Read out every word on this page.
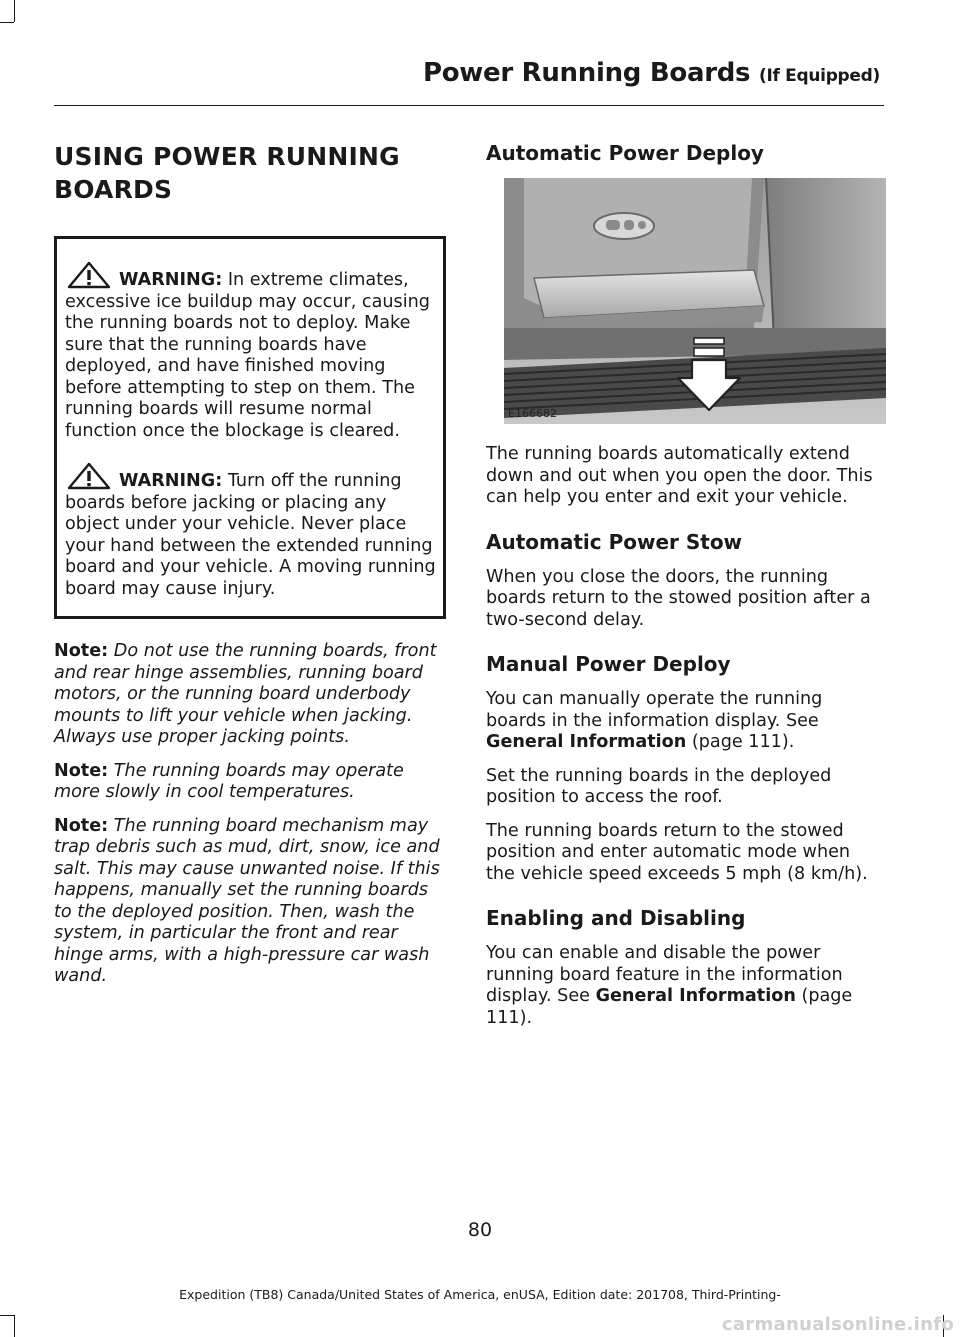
Power Running Boards (If Equipped)
USING POWER RUNNING BOARDS

WARNING: In extreme climates, excessive ice buildup may occur, causing the running boards not to deploy. Make sure that the running boards have deployed, and have finished moving before attempting to step on them. The running boards will resume normal function once the blockage is cleared.

WARNING: Turn off the running boards before jacking or placing any object under your vehicle. Never place your hand between the extended running board and your vehicle. A moving running board may cause injury.

Note: Do not use the running boards, front and rear hinge assemblies, running board motors, or the running board underbody mounts to lift your vehicle when jacking. Always use proper jacking points.

Note: The running boards may operate more slowly in cool temperatures.

Note: The running board mechanism may trap debris such as mud, dirt, snow, ice and salt. This may cause unwanted noise. If this happens, manually set the running boards to the deployed position. Then, wash the system, in particular the front and rear hinge arms, with a high-pressure car wash wand.

Automatic Power Deploy
E166682

The running boards automatically extend down and out when you open the door. This can help you enter and exit your vehicle.

Automatic Power Stow

When you close the doors, the running boards return to the stowed position after a two-second delay.

Manual Power Deploy

You can manually operate the running boards in the information display. See General Information (page 111).

Set the running boards in the deployed position to access the roof.

The running boards return to the stowed position and enter automatic mode when the vehicle speed exceeds 5 mph (8 km/h).

Enabling and Disabling

You can enable and disable the power running board feature in the information display. See General Information (page 111).

80
Expedition (TB8) Canada/United States of America, enUSA, Edition date: 201708, Third-Printing-
carmanualsonline.info
